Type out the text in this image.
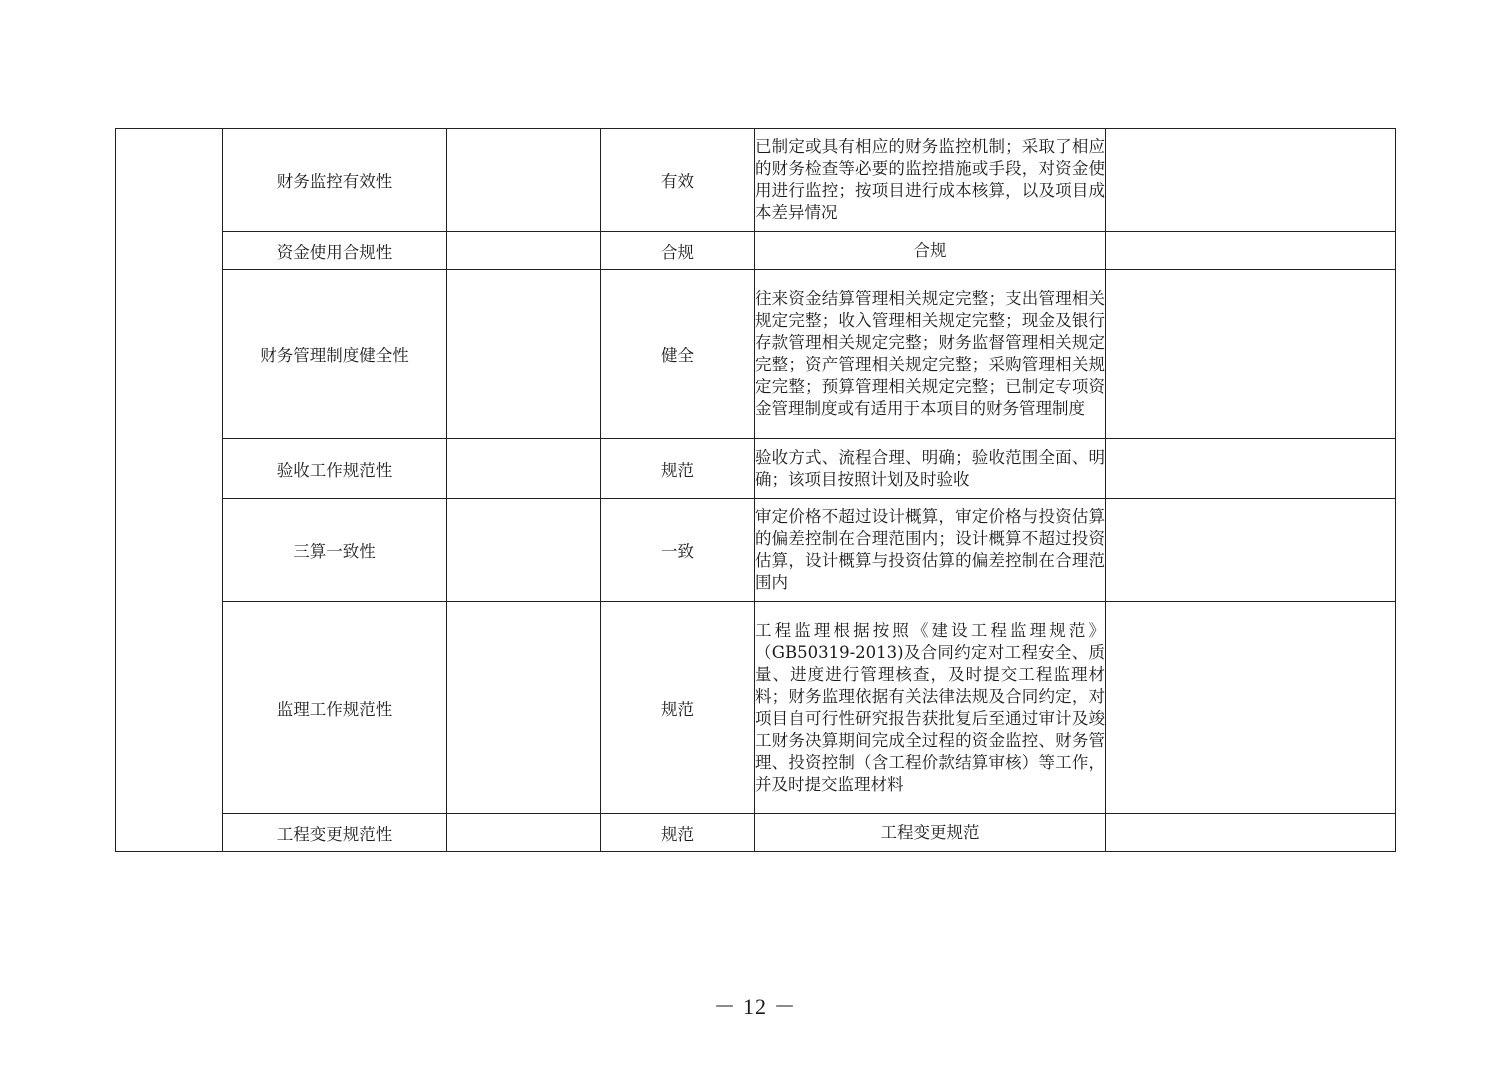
	财务监控有效性		有效	已制定或具有相应的财务监控机制；采取了相应的财务检查等必要的监控措施或手段，对资金使用进行监控；按项目进行成本核算，以及项目成本差异情况	
	资金使用合规性		合规	合规	
	财务管理制度健全性		健全	往来资金结算管理相关规定完整；支出管理相关规定完整；收入管理相关规定完整；现金及银行存款管理相关规定完整；财务监督管理相关规定完整；资产管理相关规定完整；采购管理相关规定完整；预算管理相关规定完整；已制定专项资金管理制度或有适用于本项目的财务管理制度	
	验收工作规范性		规范	验收方式、流程合理、明确；验收范围全面、明确；该项目按照计划及时验收	
	三算一致性		一致	审定价格不超过设计概算，审定价格与投资估算的偏差控制在合理范围内；设计概算不超过投资估算，设计概算与投资估算的偏差控制在合理范围内	
	监理工作规范性		规范	工程监理根据按照《建设工程监理规范》（GB50319-2013)及合同约定对工程安全、质量、进度进行管理核查，及时提交工程监理材料；财务监理依据有关法律法规及合同约定，对项目自可行性研究报告获批复后至通过审计及竣工财务决算期间完成全过程的资金监控、财务管理、投资控制（含工程价款结算审核）等工作，并及时提交监理材料	
	工程变更规范性		规范	工程变更规范	
－ 12 －
